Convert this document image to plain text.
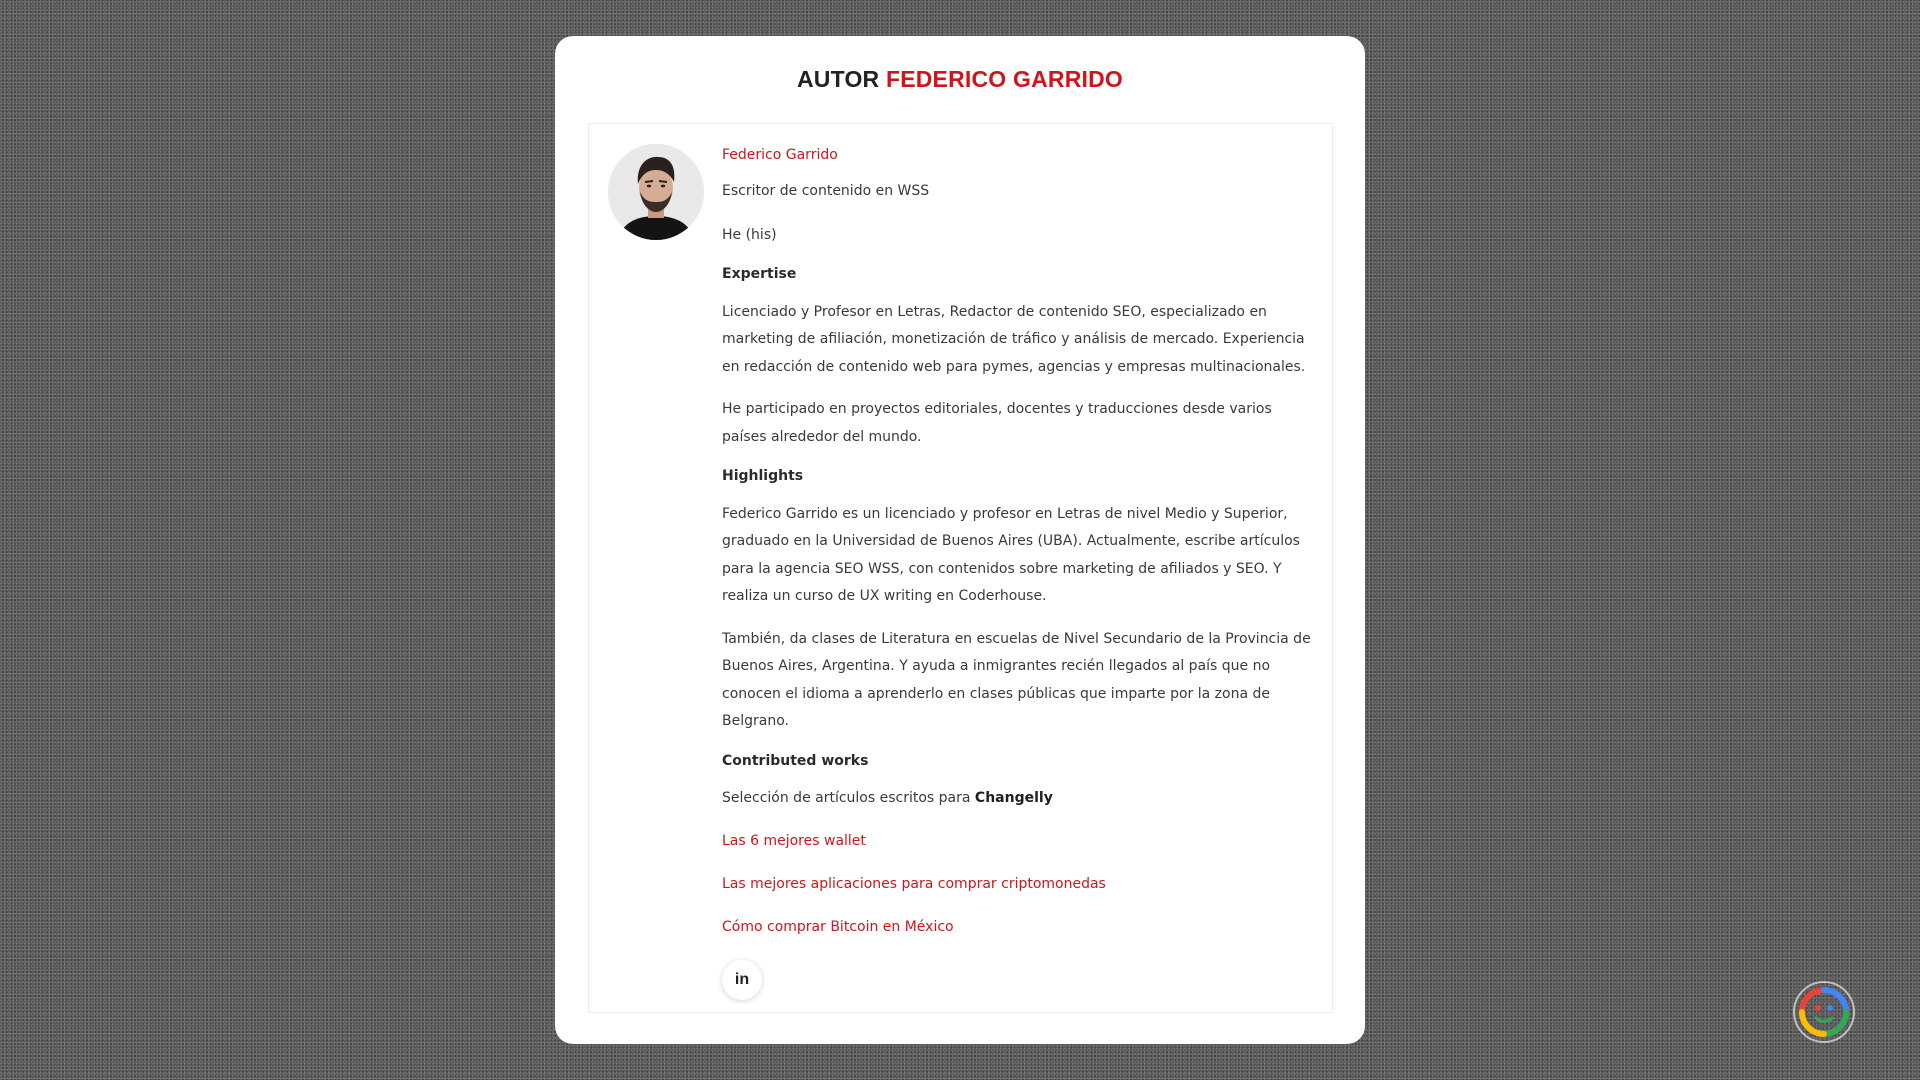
AUTOR FEDERICO GARRIDO
Federico Garrido

Escritor de contenido en WSS

He (his)

Expertise

Licenciado y Profesor en Letras, Redactor de contenido SEO, especializado en marketing de afiliación, monetización de tráfico y análisis de mercado. Experiencia en redacción de contenido web para pymes, agencias y empresas multinacionales.

He participado en proyectos editoriales, docentes y traducciones desde varios países alrededor del mundo.

Highlights

Federico Garrido es un licenciado y profesor en Letras de nivel Medio y Superior, graduado en la Universidad de Buenos Aires (UBA). Actualmente, escribe artículos para la agencia SEO WSS, con contenidos sobre marketing de afiliados y SEO. Y realiza un curso de UX writing en Coderhouse.

También, da clases de Literatura en escuelas de Nivel Secundario de la Provincia de Buenos Aires, Argentina. Y ayuda a inmigrantes recién llegados al país que no conocen el idioma a aprenderlo en clases públicas que imparte por la zona de Belgrano.

Contributed works

Selección de artículos escritos para Changelly

Las 6 mejores wallet
Las mejores aplicaciones para comprar criptomonedas
Cómo comprar Bitcoin en México
in
